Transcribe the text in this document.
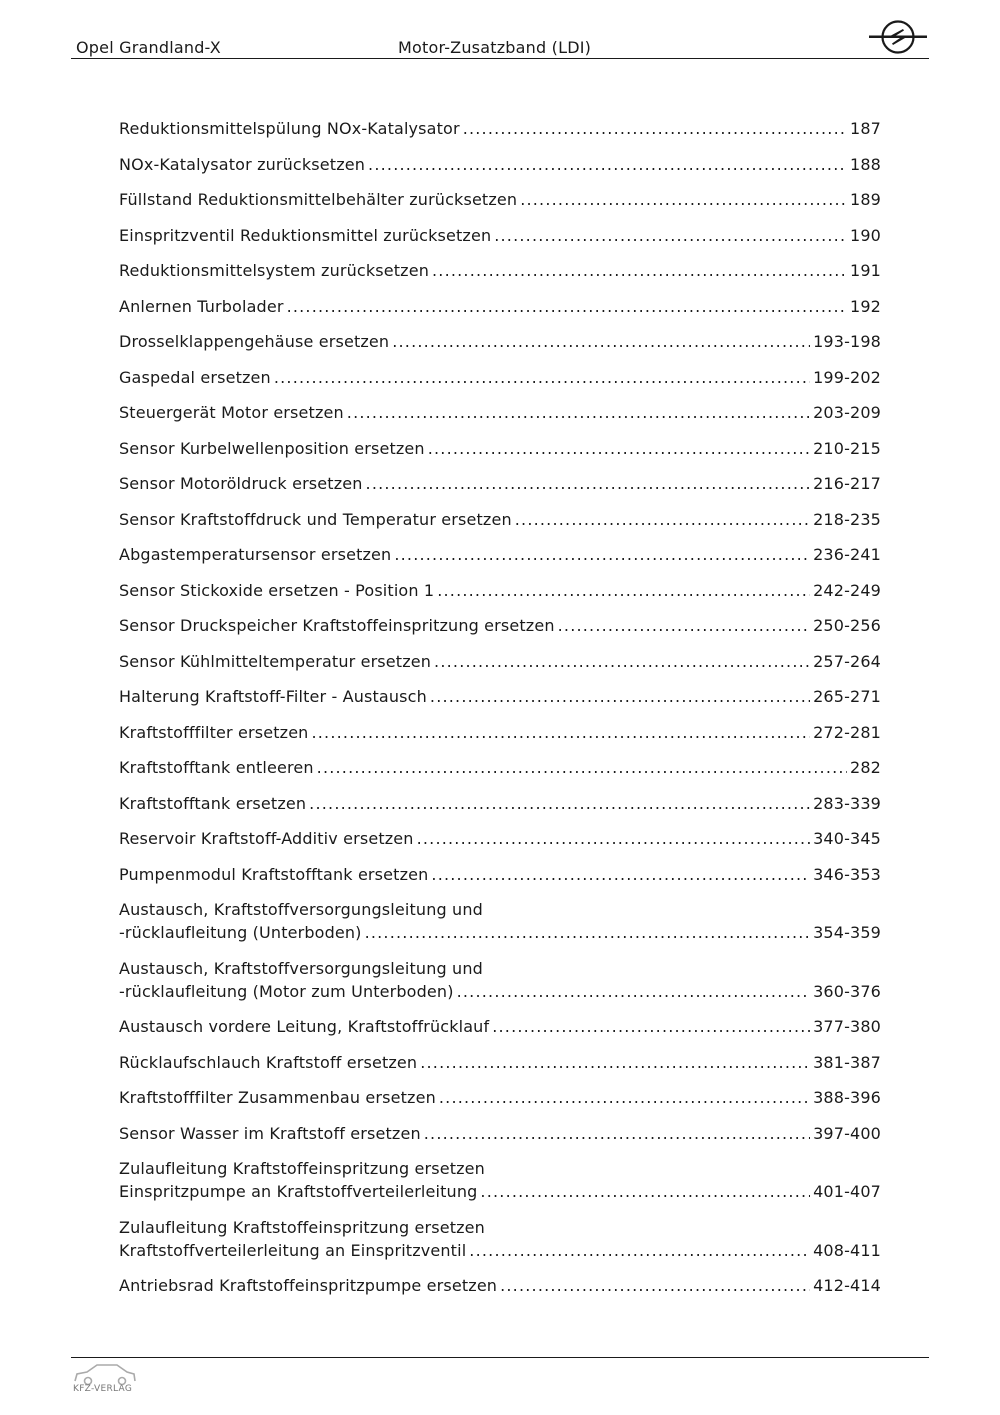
Opel Grandland-X	Motor-Zusatzband (LDI)
Reduktionsmittelspülung NOx-Katalysator .....	187
NOx-Katalysator zurücksetzen .....	188
Füllstand Reduktionsmittelbehälter zurücksetzen .....	189
Einspritzventil Reduktionsmittel zurücksetzen .....	190
Reduktionsmittelsystem zurücksetzen .....	191
Anlernen Turbolader .....	192
Drosselklappengehäuse ersetzen .....	193-198
Gaspedal ersetzen .....	199-202
Steuergerät Motor ersetzen .....	203-209
Sensor Kurbelwellenposition ersetzen .....	210-215
Sensor Motoröldruck ersetzen .....	216-217
Sensor Kraftstoffdruck und Temperatur ersetzen .....	218-235
Abgastemperatursensor ersetzen .....	236-241
Sensor Stickoxide ersetzen - Position 1 .....	242-249
Sensor Druckspeicher Kraftstoffeinspritzung ersetzen .....	250-256
Sensor Kühlmitteltemperatur ersetzen .....	257-264
Halterung Kraftstoff-Filter - Austausch .....	265-271
Kraftstofffilter ersetzen .....	272-281
Kraftstofftank entleeren .....	282
Kraftstofftank ersetzen .....	283-339
Reservoir Kraftstoff-Additiv ersetzen .....	340-345
Pumpenmodul Kraftstofftank ersetzen .....	346-353
Austausch, Kraftstoffversorgungsleitung und
-rücklaufleitung (Unterboden) .....	354-359
Austausch, Kraftstoffversorgungsleitung und
-rücklaufleitung (Motor zum Unterboden) .....	360-376
Austausch vordere Leitung, Kraftstoffrücklauf .....	377-380
Rücklaufschlauch Kraftstoff ersetzen .....	381-387
Kraftstofffilter Zusammenbau ersetzen .....	388-396
Sensor Wasser im Kraftstoff ersetzen .....	397-400
Zulaufleitung Kraftstoffeinspritzung ersetzen
Einspritzpumpe an Kraftstoffverteilerleitung .....	401-407
Zulaufleitung Kraftstoffeinspritzung ersetzen
Kraftstoffverteilerleitung an Einspritzventil .....	408-411
Antriebsrad Kraftstoffeinspritzpumpe ersetzen .....	412-414
KFZ-VERLAG
